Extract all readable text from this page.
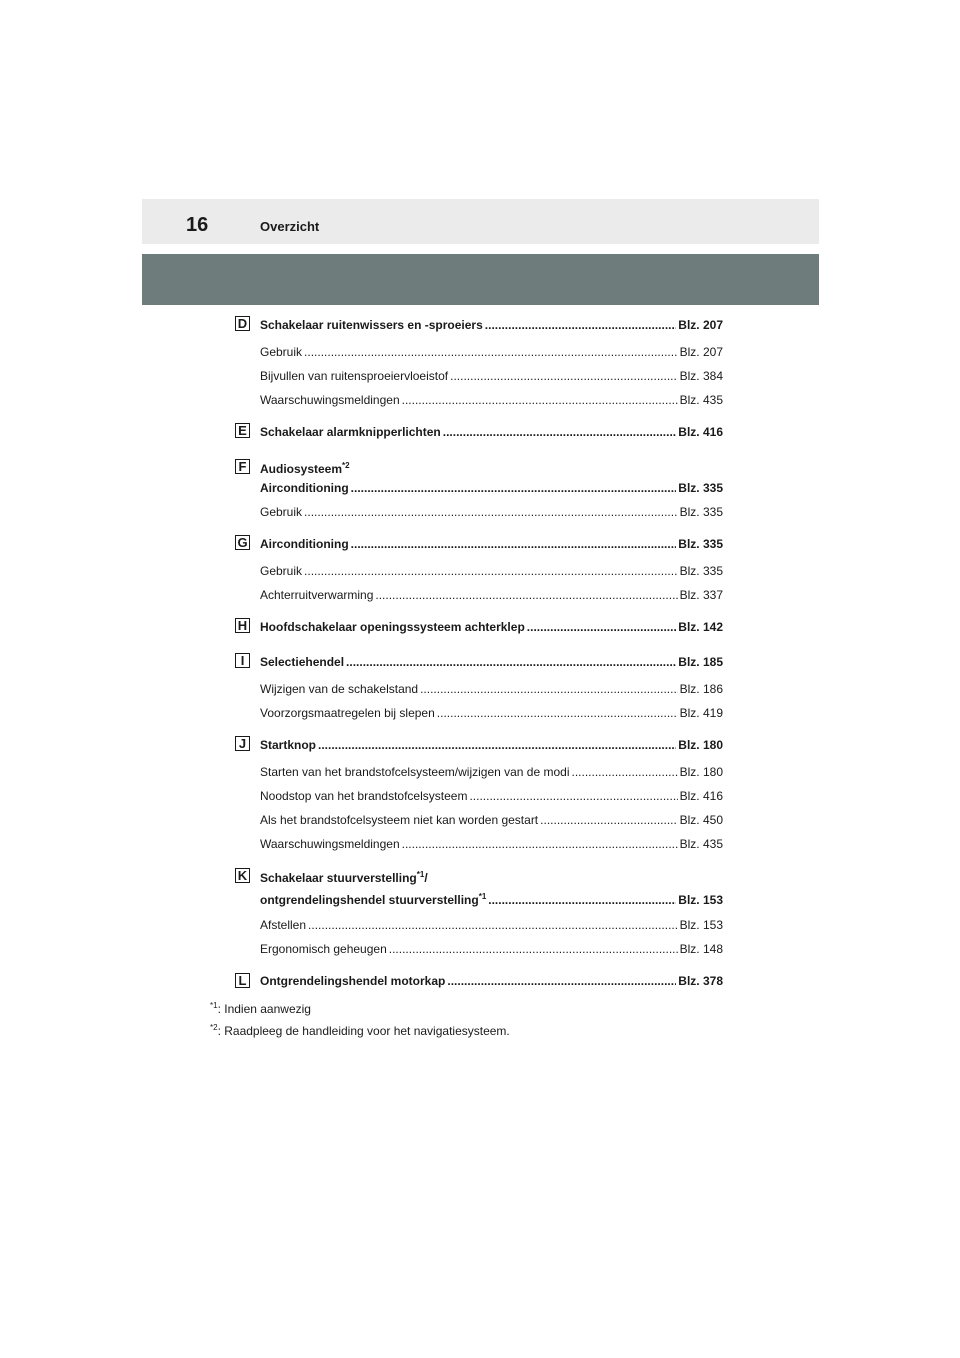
16	Overzicht
D Schakelaar ruitenwissers en -sproeiers .....	Blz. 207
Gebruik .....	Blz. 207
Bijvullen van ruitensproeiervloeistof .....	Blz. 384
Waarschuwingsmeldingen .....	Blz. 435
E Schakelaar alarmknipperlichten .....	Blz. 416
F Audiosysteem$^{*2}$
Airconditioning .....	Blz. 335
Gebruik .....	Blz. 335
G Airconditioning .....	Blz. 335
Gebruik .....	Blz. 335
Achterruitverwarming .....	Blz. 337
H Hoofdschakelaar openingssysteem achterklep .....	Blz. 142
I	Selectiehendel .....	Blz. 185
Wijzigen van de schakelstand .....	Blz. 186
Voorzorgsmaatregelen bij slepen .....	Blz. 419
J	Startknop .....	Blz. 180
Starten van het brandstofcelsysteem/wijzigen van de modi .....	Blz. 180
Noodstop van het brandstofcelsysteem .....	Blz. 416
Als het brandstofcelsysteem niet kan worden gestart .....	Blz. 450
Waarschuwingsmeldingen .....	Blz. 435
K Schakelaar stuurverstelling$^{*1}$/
ontgrendelingshendel stuurverstelling$^{*1}$ .....	Blz. 153
Afstellen .....	Blz. 153
Ergonomisch geheugen .....	Blz. 148
L Ontgrendelingshendel motorkap .....	Blz. 378
$^{*1}$: Indien aanwezig
$^{*2}$: Raadpleeg de handleiding voor het navigatiesysteem.
